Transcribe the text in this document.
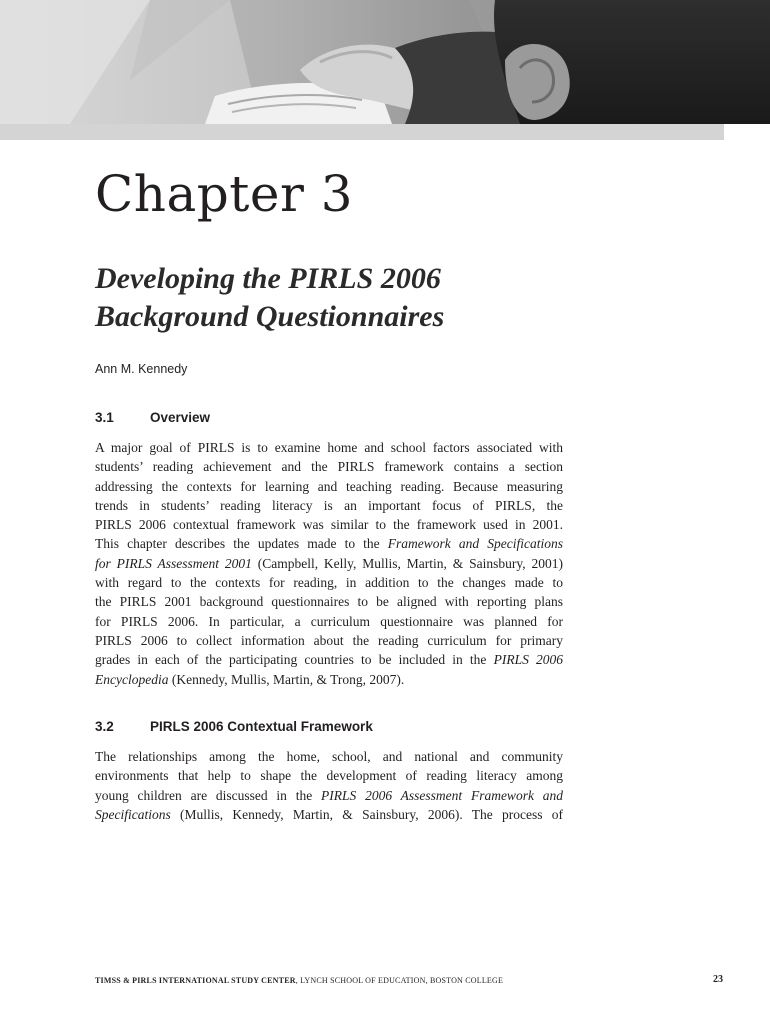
Chapter 3
Developing the PIRLS 2006
Background Questionnaires
Ann M. Kennedy
3.1	Overview
A major goal of PIRLS is to examine home and school factors associated with
students’ reading achievement and the PIRLS framework contains a section
addressing the contexts for learning and teaching reading. Because measuring
trends in students’ reading literacy is an important focus of PIRLS, the
PIRLS 2006 contextual framework was similar to the framework used in 2001.
This chapter describes the updates made to the Framework and Specifications
for PIRLS Assessment 2001 (Campbell, Kelly, Mullis, Martin, & Sainsbury, 2001)
with regard to the contexts for reading, in addition to the changes made to
the PIRLS 2001 background questionnaires to be aligned with reporting plans
for PIRLS 2006. In particular, a curriculum questionnaire was planned for
PIRLS 2006 to collect information about the reading curriculum for primary
grades in each of the participating countries to be included in the PIRLS 2006
Encyclopedia (Kennedy, Mullis, Martin, & Trong, 2007).
3.2	PIRLS 2006 Contextual Framework
The relationships among the home, school, and national and community
environments that help to shape the development of reading literacy among
young children are discussed in the PIRLS 2006 Assessment Framework and
Specifications (Mullis, Kennedy, Martin, & Sainsbury, 2006). The process of
TIMSS & PIRLS INTERNATIONAL STUDY CENTER, LYNCH SCHOOL OF EDUCATION, BOSTON COLLEGE	23
